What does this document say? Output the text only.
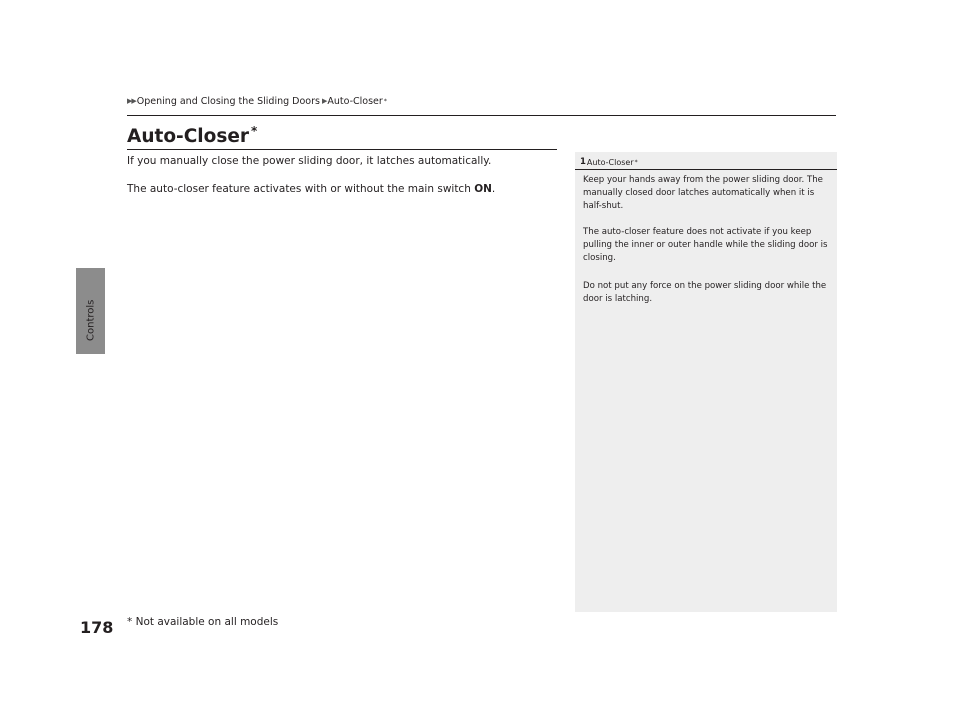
Controls
▶▶ Opening and Closing the Sliding Doors ▶ Auto-Closer *
Auto-Closer *
If you manually close the power sliding door, it latches automatically.
The auto-closer feature activates with or without the main switch ON.
1 Auto-Closer *
Keep your hands away from the power sliding door. The manually closed door latches automatically when it is half-shut.
The auto-closer feature does not activate if you keep pulling the inner or outer handle while the sliding door is closing.
Do not put any force on the power sliding door while the door is latching.
178 * Not available on all models
